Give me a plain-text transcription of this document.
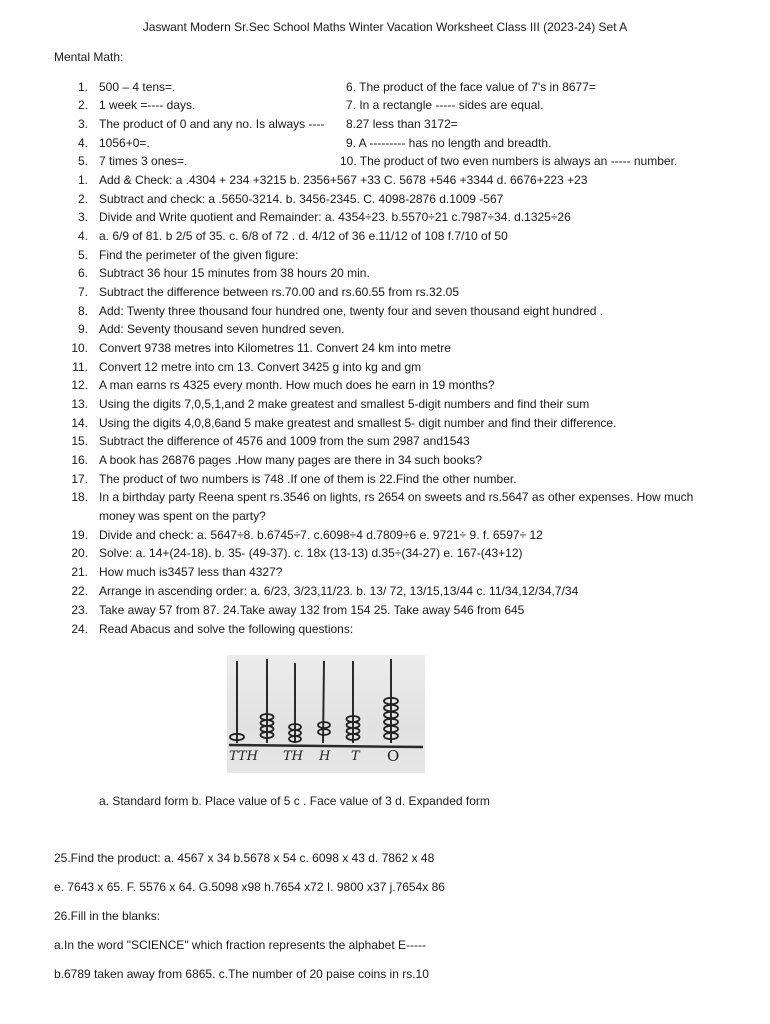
Jaswant Modern Sr.Sec School Maths Winter Vacation Worksheet Class III (2023-24) Set A
Mental Math:
1. 500 – 4 tens=.
2. 1 week =---- days.
3. The product of 0 and any no. Is always ----
4. 1056+0=.
5. 7 times 3 ones=.
6. The product of the face value of 7's in 8677=
7. In a rectangle ----- sides are equal.
8.27 less than 3172=
9. A --------- has no length and breadth.
10. The product of two even numbers is always an ----- number.
1. Add & Check: a .4304 + 234 +3215 b. 2356+567 +33 C. 5678 +546 +3344 d. 6676+223 +23
2. Subtract and check: a .5650-3214. b. 3456-2345. C. 4098-2876 d.1009 -567
3. Divide and Write quotient and Remainder: a. 4354÷23. b.5570÷21 c.7987÷34. d.1325÷26
4. a. 6/9 of 81. b 2/5 of 35. c. 6/8 of 72 . d. 4/12 of 36 e.11/12 of 108 f.7/10 of 50
5. Find the perimeter of the given figure:
6. Subtract 36 hour 15 minutes from 38 hours 20 min.
7. Subtract the difference between rs.70.00 and rs.60.55 from rs.32.05
8. Add: Twenty three thousand four hundred one, twenty four and seven thousand eight hundred .
9. Add: Seventy thousand seven hundred seven.
10. Convert 9738 metres into Kilometres 11. Convert 24 km into metre
11. Convert 12 metre into cm 13. Convert 3425 g into kg and gm
12. A man earns rs 4325 every month. How much does he earn in 19 months?
13. Using the digits 7,0,5,1,and 2 make greatest and smallest 5-digit numbers and find their sum
14. Using the digits 4,0,8,6and 5 make greatest and smallest 5- digit number and find their difference.
15. Subtract the difference of 4576 and 1009 from the sum 2987 and1543
16. A book has 26876 pages .How many pages are there in 34 such books?
17. The product of two numbers is 748 .If one of them is 22.Find the other number.
18. In a birthday party Reena spent rs.3546 on lights, rs 2654 on sweets and rs.5647 as other expenses. How much
money was spent on the party?
19. Divide and check: a. 5647÷8. b.6745÷7. c.6098÷4 d.7809÷6 e. 9721÷ 9. f. 6597÷ 12
20. Solve: a. 14+(24-18). b. 35- (49-37). c. 18x (13-13) d.35÷(34-27) e. 167-(43+12)
21. How much is3457 less than 4327?
22. Arrange in ascending order: a. 6/23, 3/23,11/23. b. 13/ 72, 13/15,13/44 c. 11/34,12/34,7/34
23. Take away 57 from 87. 24.Take away 132 from 154 25. Take away 546 from 645
24. Read Abacus and solve the following questions:
TTH TH H T O
a. Standard form b. Place value of 5 c . Face value of 3 d. Expanded form
25.Find the product: a. 4567 x 34 b.5678 x 54 c. 6098 x 43 d. 7862 x 48
e. 7643 x 65. F. 5576 x 64. G.5098 x98 h.7654 x72 I. 9800 x37 j.7654x 86
26.Fill in the blanks:
a.In the word "SCIENCE" which fraction represents the alphabet E-----
b.6789 taken away from 6865. c.The number of 20 paise coins in rs.10
